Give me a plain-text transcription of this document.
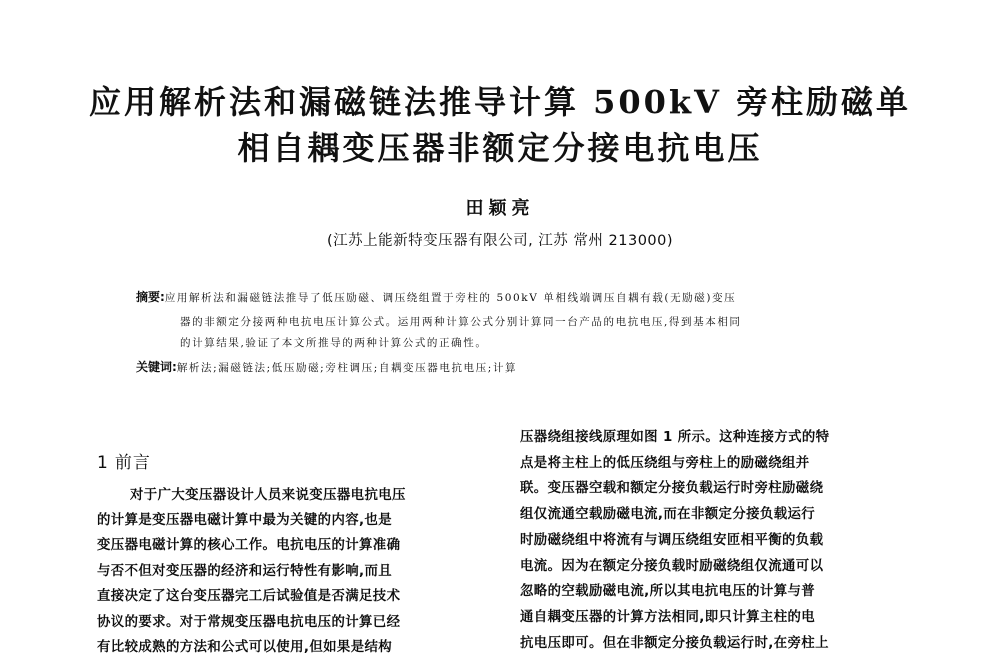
应用解析法和漏磁链法推导计算 500kV 旁柱励磁单
相自耦变压器非额定分接电抗电压
田颖亮
(江苏上能新特变压器有限公司, 江苏 常州 213000)
摘要:应用解析法和漏磁链法推导了低压励磁、调压绕组置于旁柱的 500kV 单相线端调压自耦有载(无励磁)变压
器的非额定分接两种电抗电压计算公式。运用两种计算公式分别计算同一台产品的电抗电压,得到基本相同
的计算结果,验证了本文所推导的两种计算公式的正确性。
关键词:解析法;漏磁链法;低压励磁;旁柱调压;自耦变压器电抗电压;计算
1 前言
对于广大变压器设计人员来说变压器电抗电压
的计算是变压器电磁计算中最为关键的内容,也是
变压器电磁计算的核心工作。电抗电压的计算准确
与否不但对变压器的经济和运行特性有影响,而且
直接决定了这台变压器完工后试验值是否满足技术
协议的要求。对于常规变压器电抗电压的计算已经
有比较成熟的方法和公式可以使用,但如果是结构
压器绕组接线原理如图 1 所示。这种连接方式的特
点是将主柱上的低压绕组与旁柱上的励磁绕组并
联。变压器空载和额定分接负载运行时旁柱励磁绕
组仅流通空载励磁电流,而在非额定分接负载运行
时励磁绕组中将流有与调压绕组安匝相平衡的负载
电流。因为在额定分接负载时励磁绕组仅流通可以
忽略的空载励磁电流,所以其电抗电压的计算与普
通自耦变压器的计算方法相同,即只计算主柱的电
抗电压即可。但在非额定分接负载运行时,在旁柱上
